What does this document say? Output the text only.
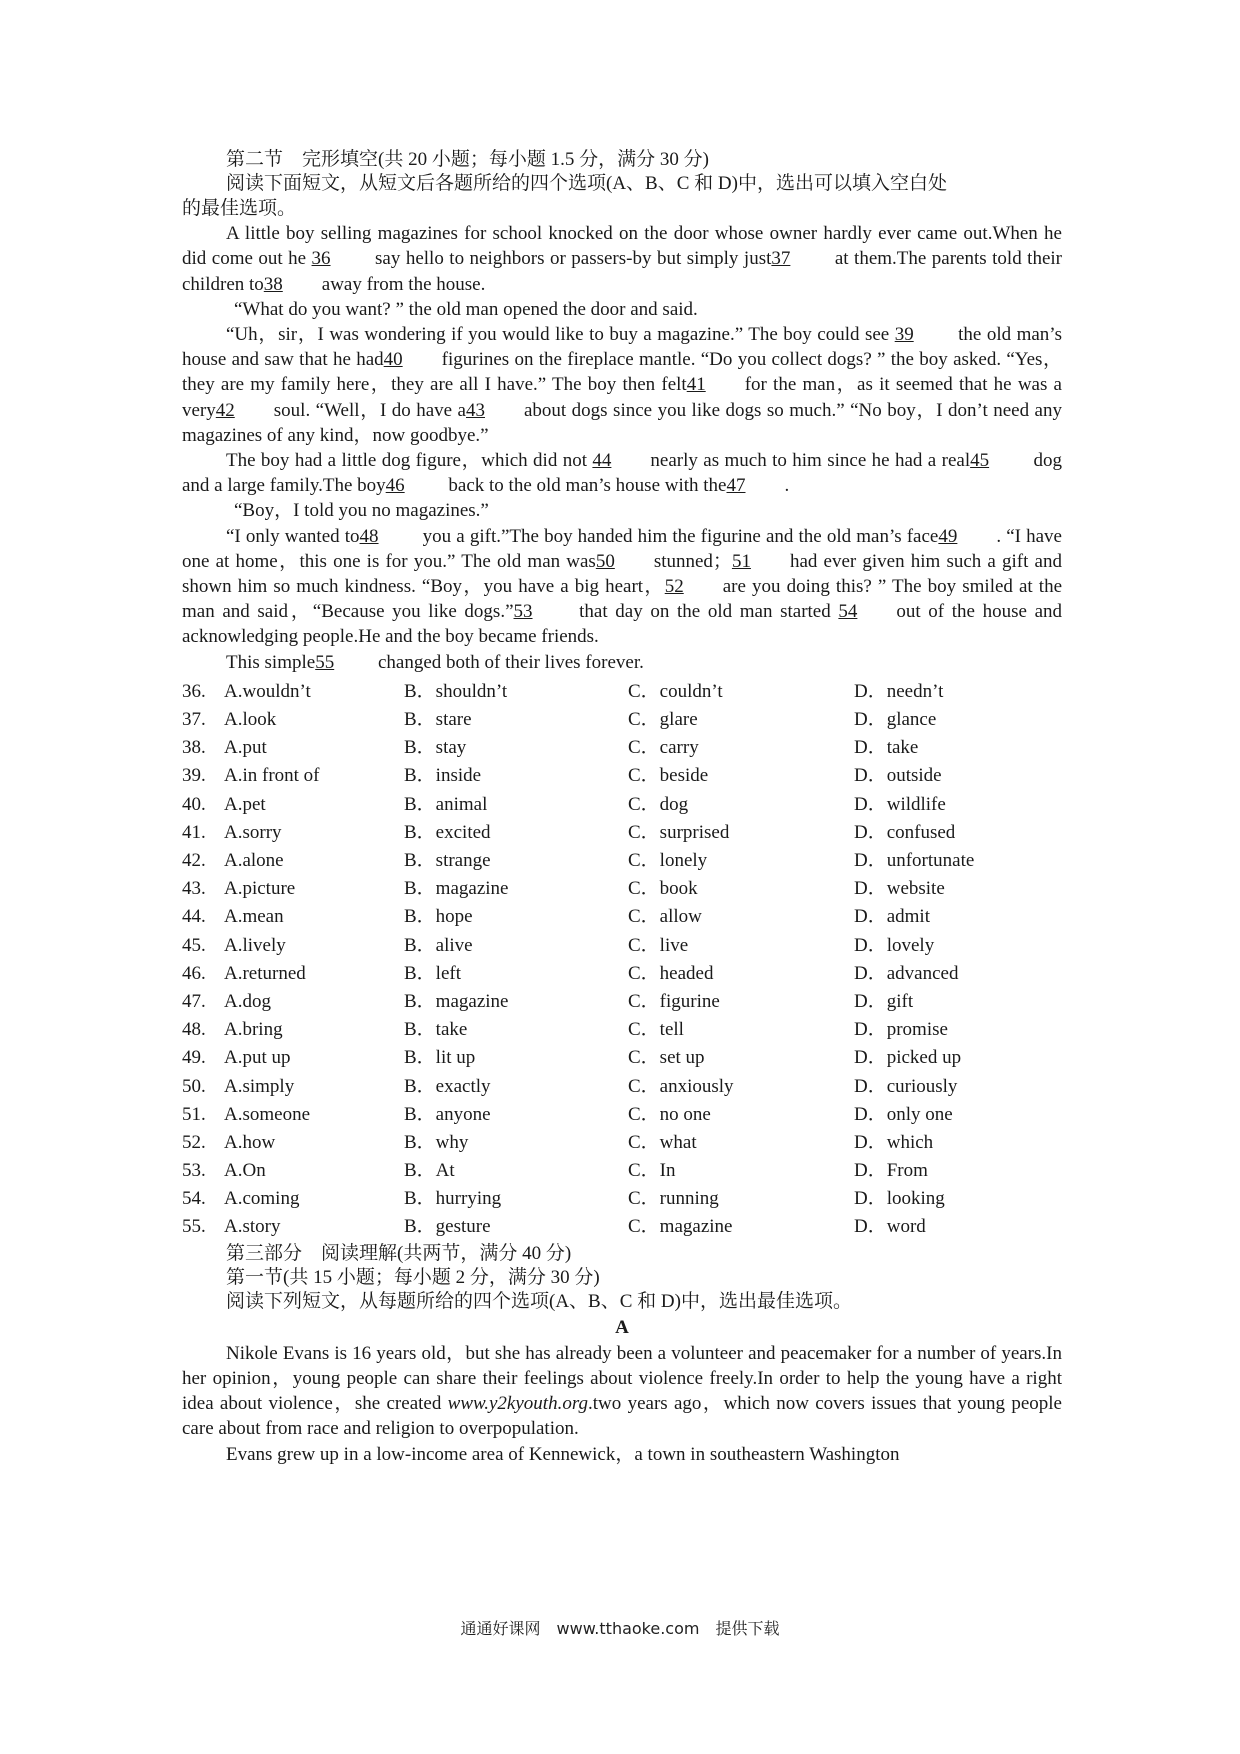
第二节　完形填空(共 20 小题；每小题 1.5 分，满分 30 分)
阅读下面短文，从短文后各题所给的四个选项(A、B、C 和 D)中，选出可以填入空白处
的最佳选项。
A little boy selling magazines for school knocked on the door whose owner hardly ever came out.When he did come out he 36 say hello to neighbors or passers-by but simply just37 at them.The parents told their children to38 away from the house.
“What do you want? ” the old man opened the door and said.
“Uh，sir，I was wondering if you would like to buy a magazine.” The boy could see 39 the old man’s house and saw that he had40 figurines on the fireplace mantle. “Do you collect dogs? ” the boy asked. “Yes，they are my family here，they are all I have.” The boy then felt41 for the man，as it seemed that he was a very42 soul. “Well，I do have a43 about dogs since you like dogs so much.” “No boy，I don’t need any magazines of any kind，now goodbye.”
The boy had a little dog figure，which did not 44 nearly as much to him since he had a real45 dog and a large family.The boy46 back to the old man’s house with the47 .
“Boy，I told you no magazines.”
“I only wanted to48 you a gift.”The boy handed him the figurine and the old man’s face49 . “I have one at home，this one is for you.” The old man was50 stunned；51 had ever given him such a gift and shown him so much kindness. “Boy，you have a big heart，52 are you doing this? ” The boy smiled at the man and said，“Because you like dogs.”53 that day on the old man started 54 out of the house and acknowledging people.He and the boy became friends.
This simple55 changed both of their lives forever.
36. A.wouldn’t	B．shouldn’t	C．couldn’t	D．needn’t
37. A.look	B．stare	C．glare	D．glance
38. A.put	B．stay	C．carry	D．take
39. A.in front of	B．inside	C．beside	D．outside
40. A.pet	B．animal	C．dog	D．wildlife
41. A.sorry	B．excited	C．surprised	D．confused
42. A.alone	B．strange	C．lonely	D．unfortunate
43. A.picture	B．magazine	C．book	D．website
44. A.mean	B．hope	C．allow	D．admit
45. A.lively	B．alive	C．live	D．lovely
46. A.returned	B．left	C．headed	D．advanced
47. A.dog	B．magazine	C．figurine	D．gift
48. A.bring	B．take	C．tell	D．promise
49. A.put up	B．lit up	C．set up	D．picked up
50. A.simply	B．exactly	C．anxiously	D．curiously
51. A.someone	B．anyone	C．no one	D．only one
52. A.how	B．why	C．what	D．which
53. A.On	B．At	C．In	D．From
54. A.coming	B．hurrying	C．running	D．looking
55. A.story	B．gesture	C．magazine	D．word
第三部分　阅读理解(共两节，满分 40 分)
第一节(共 15 小题；每小题 2 分，满分 30 分)
阅读下列短文，从每题所给的四个选项(A、B、C 和 D)中，选出最佳选项。
A
Nikole Evans is 16 years old，but she has already been a volunteer and peacemaker for a number of years.In her opinion，young people can share their feelings about violence freely.In order to help the young have a right idea about violence，she created www.y2kyouth.org.two years ago，which now covers issues that young people care about from race and religion to overpopulation.
Evans grew up in a low-income area of Kennewick，a town in southeastern Washington
通通好课网　www.tthaoke.com　提供下载
